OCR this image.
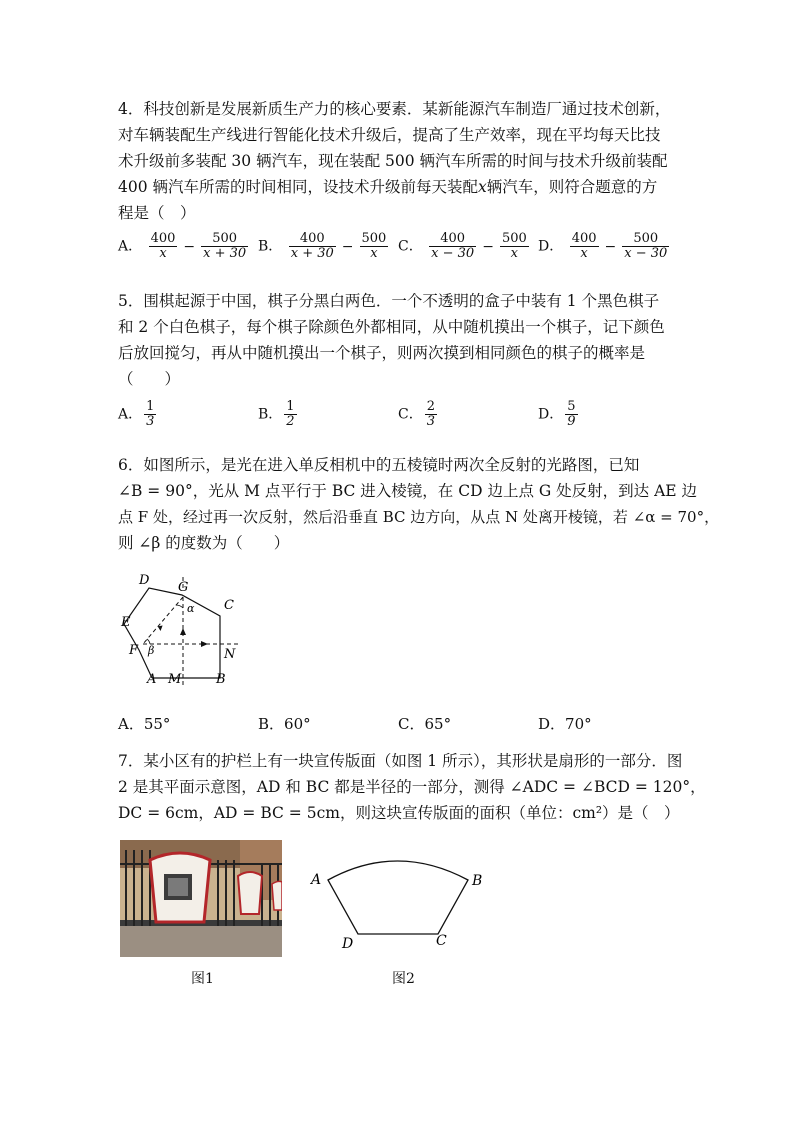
4．科技创新是发展新质生产力的核心要素．某新能源汽车制造厂通过技术创新，
对车辆装配生产线进行智能化技术升级后，提高了生产效率，现在平均每天比技
术升级前多装配 30 辆汽车，现在装配 500 辆汽车所需的时间与技术升级前装配
400 辆汽车所需的时间相同，设技术升级前每天装配x辆汽车，则符合题意的方
程是（　）
A． $\frac{400}{x} - \frac{500}{x + 30}$ B． $\frac{400}{x + 30} - \frac{500}{x}$ C． $\frac{400}{x - 30} - \frac{500}{x}$ D． $\frac{400}{x} - \frac{500}{x - 30}$
5．围棋起源于中国，棋子分黑白两色．一个不透明的盒子中装有 1 个黑色棋子
和 2 个白色棋子，每个棋子除颜色外都相同，从中随机摸出一个棋子，记下颜色
后放回搅匀，再从中随机摸出一个棋子，则两次摸到相同颜色的棋子的概率是
（　　）
A． $\frac{1}{3}$	B． $\frac{1}{2}$	C． $\frac{2}{3}$	D． $\frac{5}{9}$
6．如图所示，是光在进入单反相机中的五棱镜时两次全反射的光路图，已知
∠B = 90°，光从 M 点平行于 BC 进入棱镜，在 CD 边上点 G 处反射，到达 AE 边
点 F 处，经过再一次反射，然后沿垂直 BC 边方向，从点 N 处离开棱镜，若 ∠α = 70°，
则 ∠β 的度数为（　　）
D G
C
α
E
F β	N
A M	B
A．55°	B．60°	C．65°	D．70°
7．某小区有的护栏上有一块宣传版面（如图 1 所示），其形状是扇形的一部分．图
2 是其平面示意图，AD 和 BC 都是半径的一部分，测得 ∠ADC = ∠BCD = 120°，
DC = 6cm，AD = BC = 5cm，则这块宣传版面的面积（单位：cm²）是（　）
A	B
D	C
图1	图2
